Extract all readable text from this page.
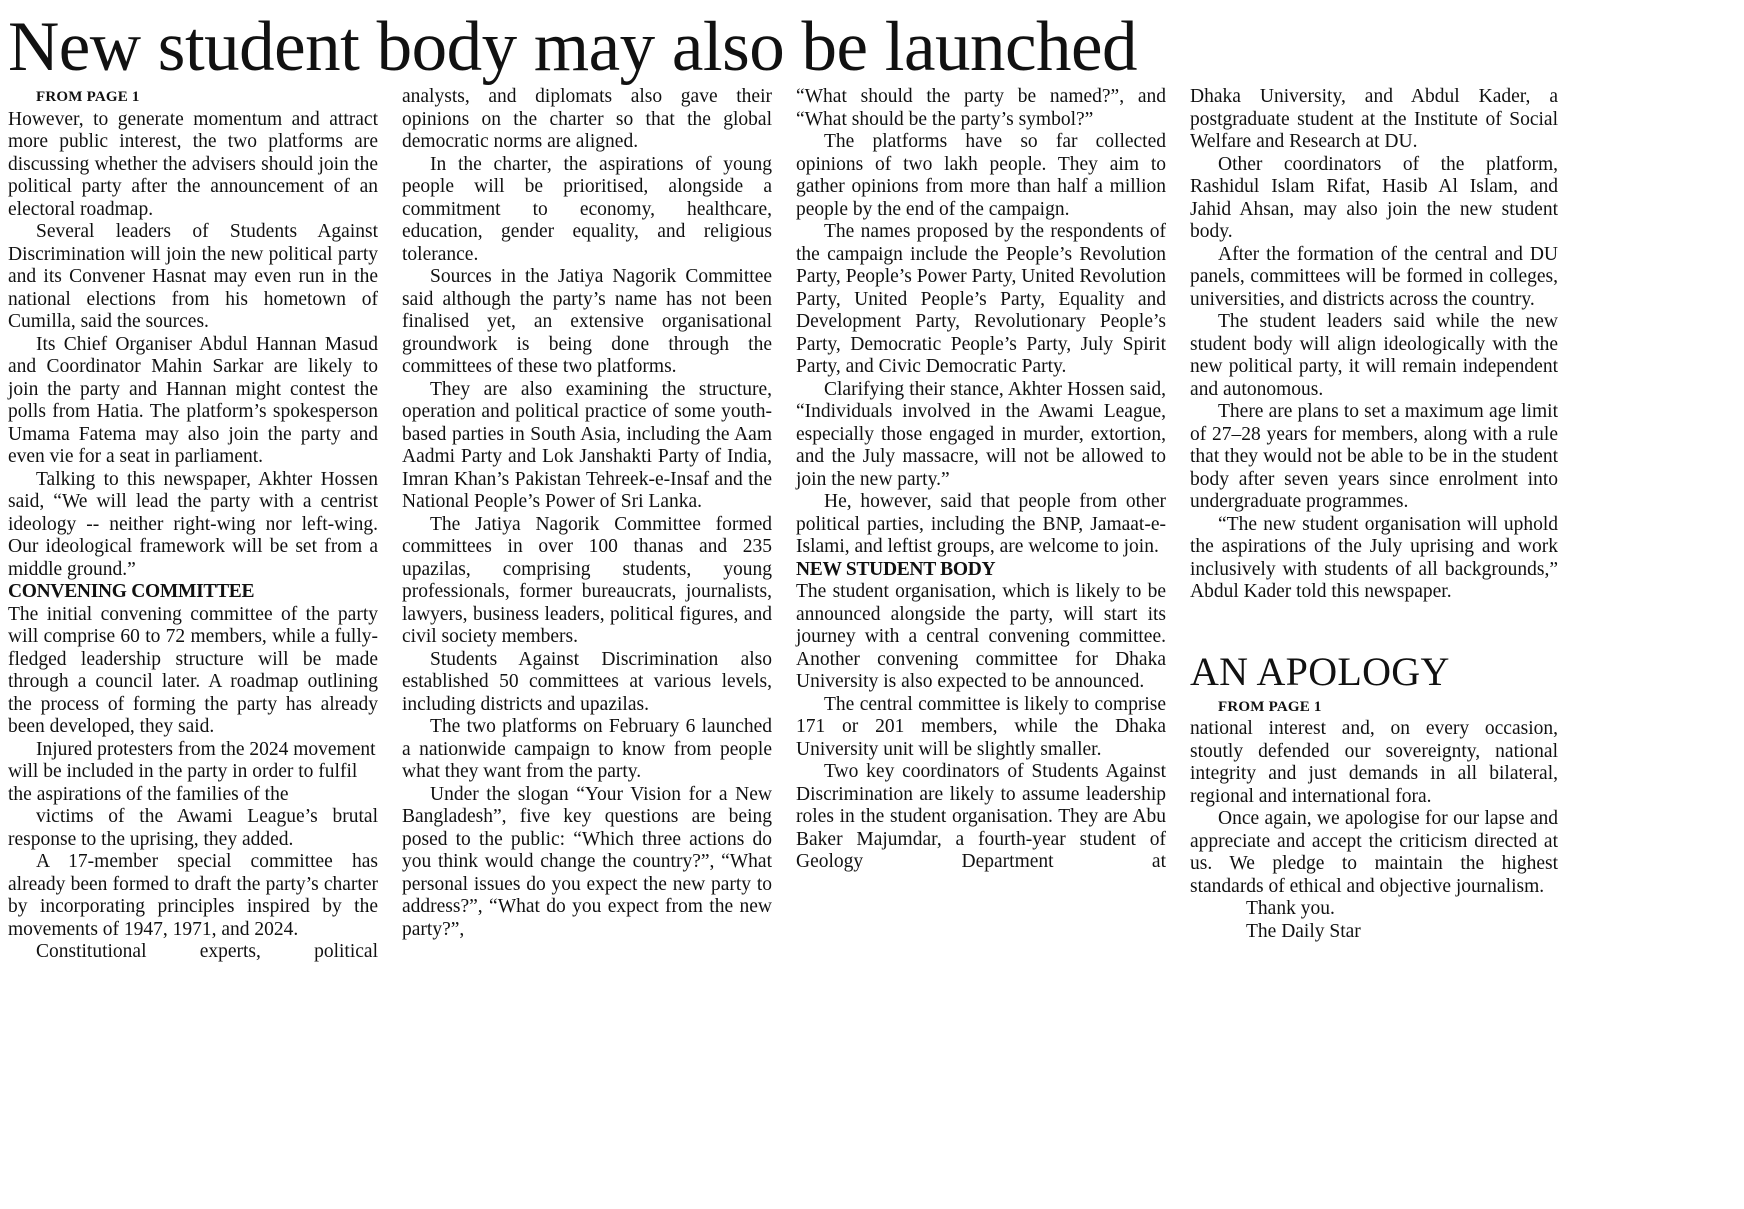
New student body may also be launched

FROM PAGE 1

However, to generate momentum and attract more public interest, the two platforms are discussing whether the advisers should join the political party after the announcement of an electoral roadmap.

Several leaders of Students Against Discrimination will join the new political party and its Convener Hasnat may even run in the national elections from his hometown of Cumilla, said the sources.

Its Chief Organiser Abdul Hannan Masud and Coordinator Mahin Sarkar are likely to join the party and Hannan might contest the polls from Hatia. The platform’s spokesperson Umama Fatema may also join the party and even vie for a seat in parliament.

Talking to this newspaper, Akhter Hossen said, “We will lead the party with a centrist ideology -- neither right-wing nor left-wing. Our ideological framework will be set from a middle ground.”

CONVENING COMMITTEE

The initial convening committee of the party will comprise 60 to 72 members, while a fully-fledged leadership structure will be made through a council later. A roadmap outlining the process of forming the party has already been developed, they said.

Injured protesters from the 2024 movement will be included in the party in order to fulfil the aspirations of the families of the

victims of the Awami League’s brutal response to the uprising, they added.

A 17-member special committee has already been formed to draft the party’s charter by incorporating principles inspired by the movements of 1947, 1971, and 2024.

Constitutional experts, political

analysts, and diplomats also gave their opinions on the charter so that the global democratic norms are aligned.

In the charter, the aspirations of young people will be prioritised, alongside a commitment to economy, healthcare, education, gender equality, and religious tolerance.

Sources in the Jatiya Nagorik Committee said although the party’s name has not been finalised yet, an extensive organisational groundwork is being done through the committees of these two platforms.

They are also examining the structure, operation and political practice of some youth-based parties in South Asia, including the Aam Aadmi Party and Lok Janshakti Party of India, Imran Khan’s Pakistan Tehreek-e-Insaf and the National People’s Power of Sri Lanka.

The Jatiya Nagorik Committee formed committees in over 100 thanas and 235 upazilas, comprising students, young professionals, former bureaucrats, journalists, lawyers, business leaders, political figures, and civil society members.

Students Against Discrimination also established 50 committees at various levels, including districts and upazilas.

The two platforms on February 6 launched a nationwide campaign to know from people what they want from the party.

Under the slogan “Your Vision for a New Bangladesh”, five key questions are being posed to the public: “Which three actions do you think would change the country?”, “What personal issues do you expect the new party to address?”, “What do you expect from the new party?”,

“What should the party be named?”, and “What should be the party’s symbol?”

The platforms have so far collected opinions of two lakh people. They aim to gather opinions from more than half a million people by the end of the campaign.

The names proposed by the respondents of the campaign include the People’s Revolution Party, People’s Power Party, United Revolution Party, United People’s Party, Equality and Development Party, Revolutionary People’s Party, Democratic People’s Party, July Spirit Party, and Civic Democratic Party.

Clarifying their stance, Akhter Hossen said, “Individuals involved in the Awami League, especially those engaged in murder, extortion, and the July massacre, will not be allowed to join the new party.”

He, however, said that people from other political parties, including the BNP, Jamaat-e-Islami, and leftist groups, are welcome to join.

NEW STUDENT BODY

The student organisation, which is likely to be announced alongside the party, will start its journey with a central convening committee. Another convening committee for Dhaka University is also expected to be announced.

The central committee is likely to comprise 171 or 201 members, while the Dhaka University unit will be slightly smaller.

Two key coordinators of Students Against Discrimination are likely to assume leadership roles in the student organisation. They are Abu Baker Majumdar, a fourth-year student of Geology Department at

Dhaka University, and Abdul Kader, a postgraduate student at the Institute of Social Welfare and Research at DU.

Other coordinators of the platform, Rashidul Islam Rifat, Hasib Al Islam, and Jahid Ahsan, may also join the new student body.

After the formation of the central and DU panels, committees will be formed in colleges, universities, and districts across the country.

The student leaders said while the new student body will align ideologically with the new political party, it will remain independent and autonomous.

There are plans to set a maximum age limit of 27–28 years for members, along with a rule that they would not be able to be in the student body after seven years since enrolment into undergraduate programmes.

“The new student organisation will uphold the aspirations of the July uprising and work inclusively with students of all backgrounds,” Abdul Kader told this newspaper.

AN APOLOGY

FROM PAGE 1

national interest and, on every occasion, stoutly defended our sovereignty, national integrity and just demands in all bilateral, regional and international fora.

Once again, we apologise for our lapse and appreciate and accept the criticism directed at us. We pledge to maintain the highest standards of ethical and objective journalism.

Thank you.

The Daily Star
